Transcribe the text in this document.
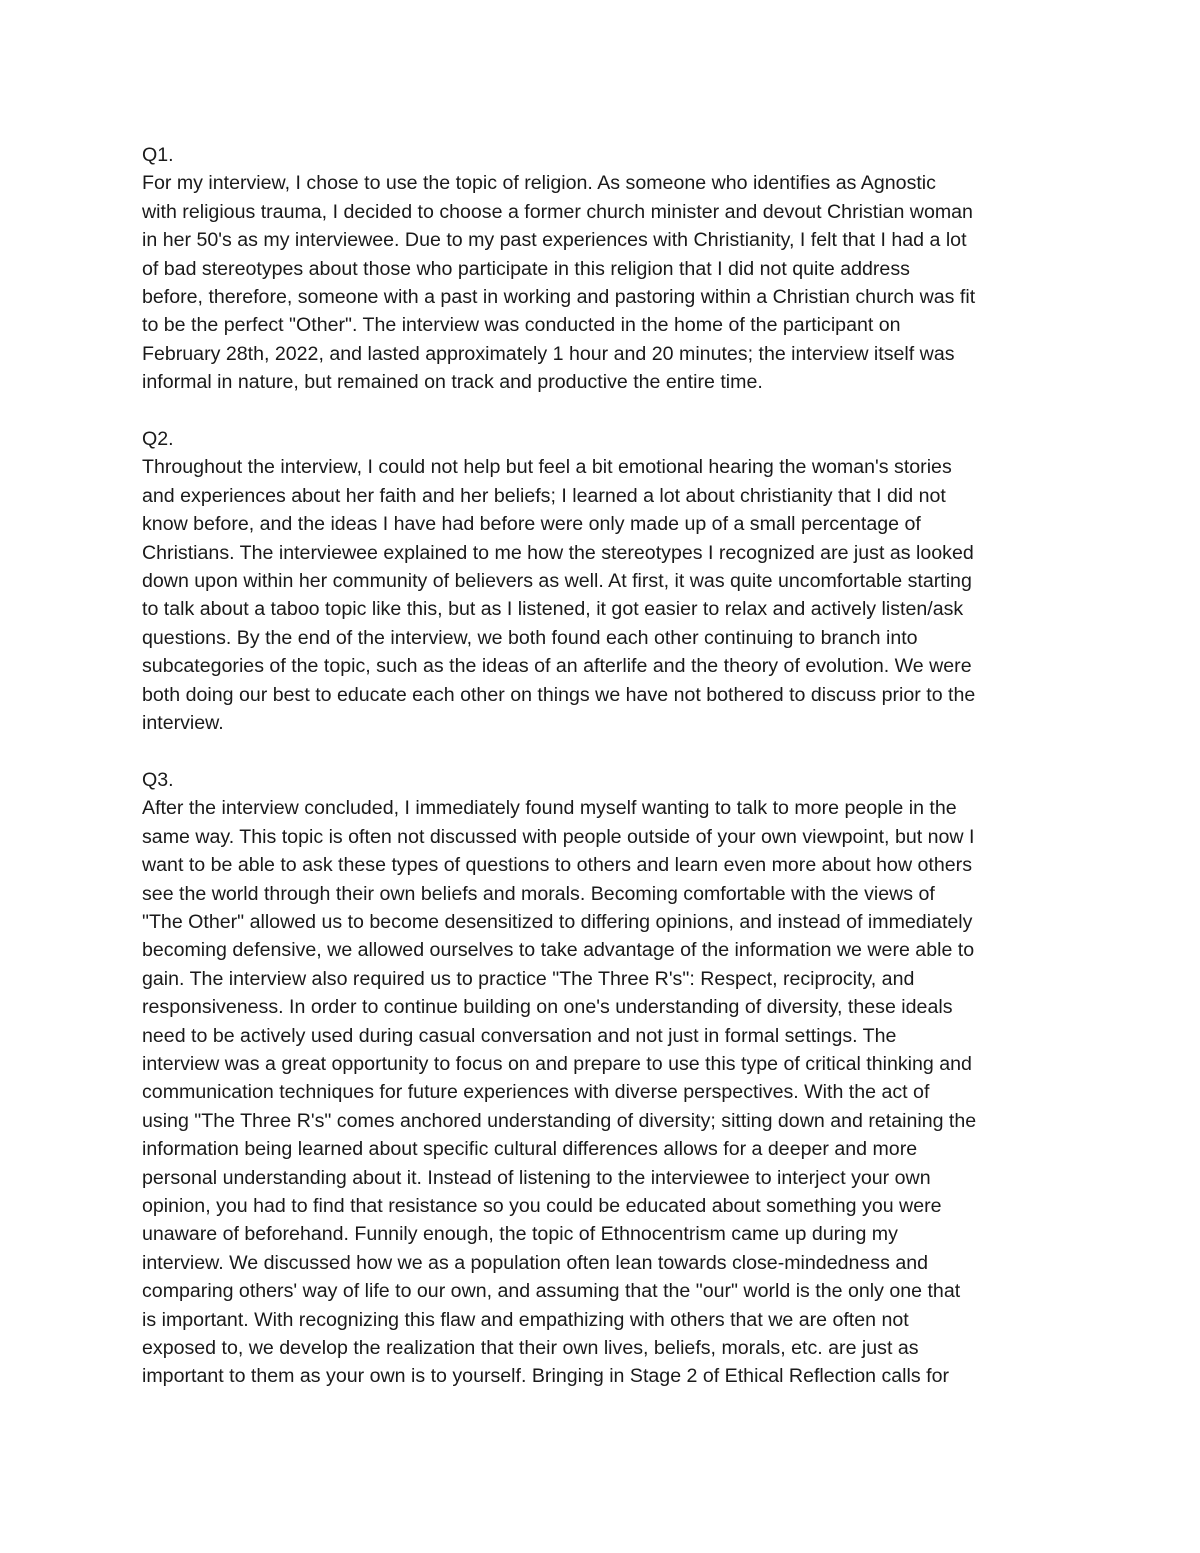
Q1.
For my interview, I chose to use the topic of religion. As someone who identifies as Agnostic
with religious trauma, I decided to choose a former church minister and devout Christian woman
in her 50's as my interviewee. Due to my past experiences with Christianity, I felt that I had a lot
of bad stereotypes about those who participate in this religion that I did not quite address
before, therefore, someone with a past in working and pastoring within a Christian church was fit
to be the perfect "Other". The interview was conducted in the home of the participant on
February 28th, 2022, and lasted approximately 1 hour and 20 minutes; the interview itself was
informal in nature, but remained on track and productive the entire time.
Q2.
Throughout the interview, I could not help but feel a bit emotional hearing the woman's stories
and experiences about her faith and her beliefs; I learned a lot about christianity that I did not
know before, and the ideas I have had before were only made up of a small percentage of
Christians. The interviewee explained to me how the stereotypes I recognized are just as looked
down upon within her community of believers as well. At first, it was quite uncomfortable starting
to talk about a taboo topic like this, but as I listened, it got easier to relax and actively listen/ask
questions. By the end of the interview, we both found each other continuing to branch into
subcategories of the topic, such as the ideas of an afterlife and the theory of evolution. We were
both doing our best to educate each other on things we have not bothered to discuss prior to the
interview.
Q3.
After the interview concluded, I immediately found myself wanting to talk to more people in the
same way. This topic is often not discussed with people outside of your own viewpoint, but now I
want to be able to ask these types of questions to others and learn even more about how others
see the world through their own beliefs and morals. Becoming comfortable with the views of
"The Other" allowed us to become desensitized to differing opinions, and instead of immediately
becoming defensive, we allowed ourselves to take advantage of the information we were able to
gain. The interview also required us to practice "The Three R's": Respect, reciprocity, and
responsiveness. In order to continue building on one's understanding of diversity, these ideals
need to be actively used during casual conversation and not just in formal settings. The
interview was a great opportunity to focus on and prepare to use this type of critical thinking and
communication techniques for future experiences with diverse perspectives. With the act of
using "The Three R's" comes anchored understanding of diversity; sitting down and retaining the
information being learned about specific cultural differences allows for a deeper and more
personal understanding about it. Instead of listening to the interviewee to interject your own
opinion, you had to find that resistance so you could be educated about something you were
unaware of beforehand. Funnily enough, the topic of Ethnocentrism came up during my
interview. We discussed how we as a population often lean towards close-mindedness and
comparing others' way of life to our own, and assuming that the "our" world is the only one that
is important. With recognizing this flaw and empathizing with others that we are often not
exposed to, we develop the realization that their own lives, beliefs, morals, etc. are just as
important to them as your own is to yourself. Bringing in Stage 2 of Ethical Reflection calls for
